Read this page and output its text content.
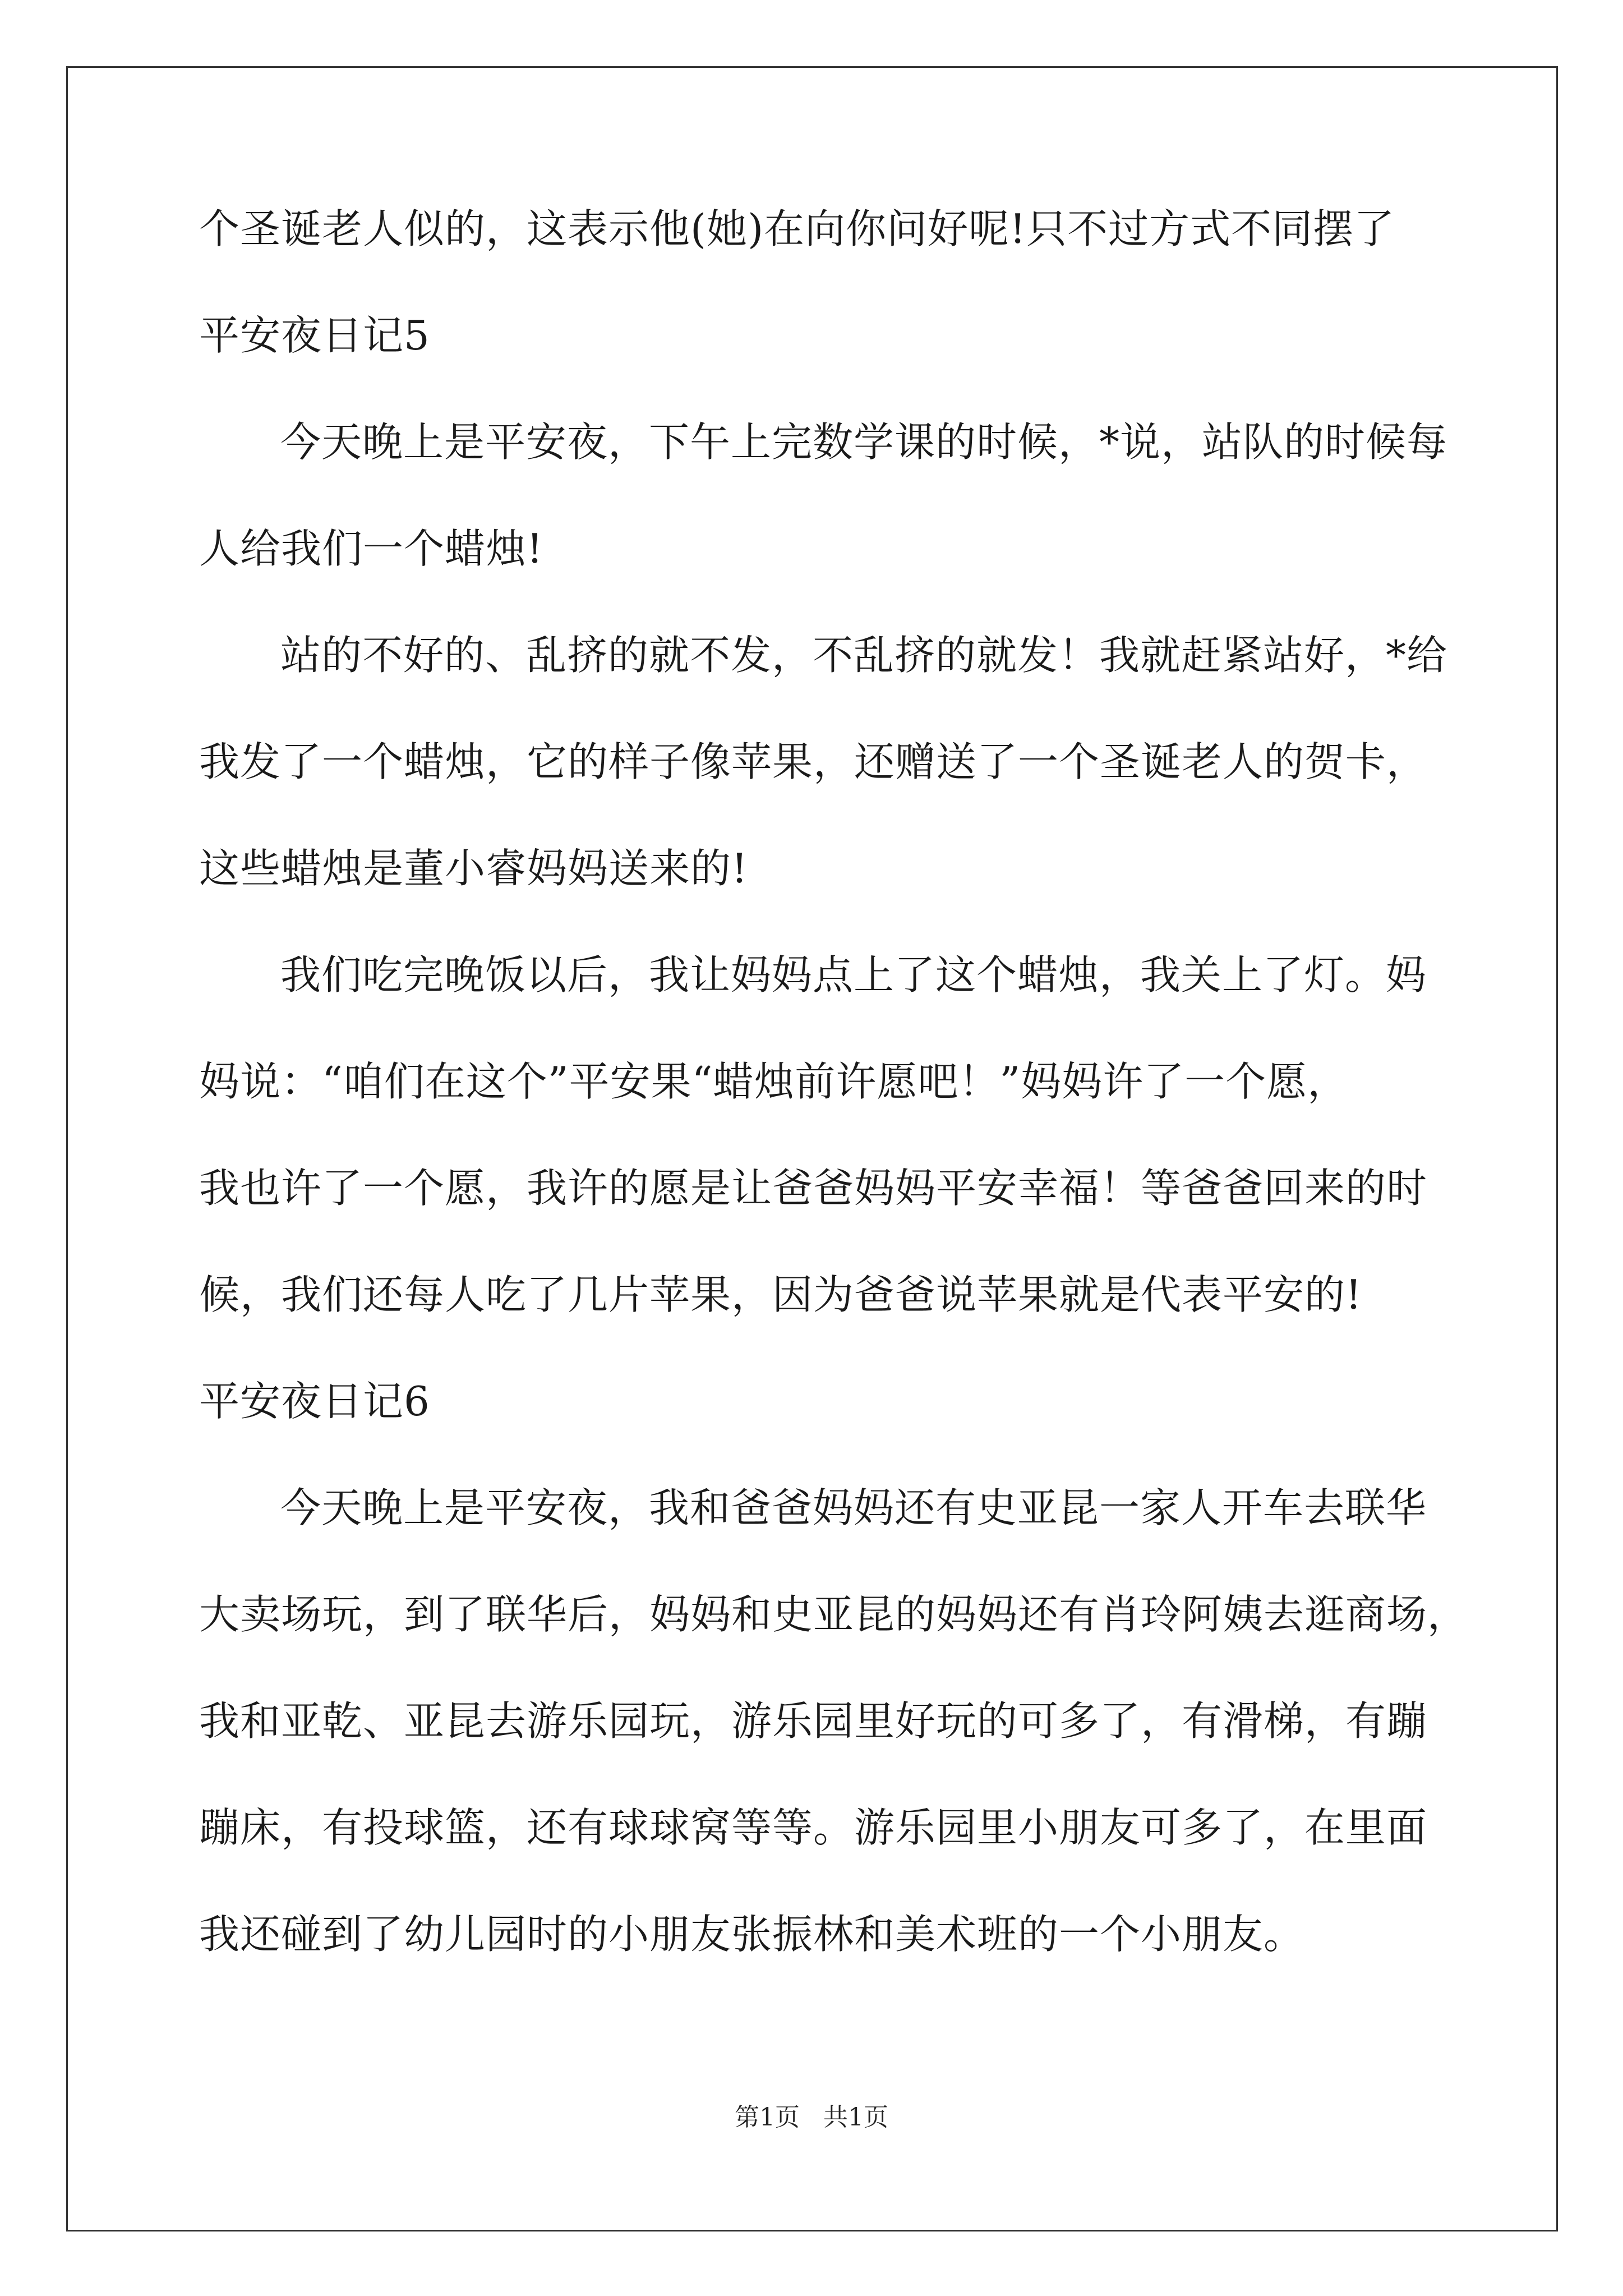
个圣诞老人似的，这表示他(她)在向你问好呢!只不过方式不同摆了

平安夜日记5

今天晚上是平安夜，下午上完数学课的时候，*说，站队的时候每

人给我们一个蜡烛!

站的不好的、乱挤的就不发，不乱挤的就发！我就赶紧站好，*给

我发了一个蜡烛，它的样子像苹果，还赠送了一个圣诞老人的贺卡，

这些蜡烛是董小睿妈妈送来的!

我们吃完晚饭以后，我让妈妈点上了这个蜡烛，我关上了灯。妈

妈说：“咱们在这个”平安果“蜡烛前许愿吧！”妈妈许了一个愿，

我也许了一个愿，我许的愿是让爸爸妈妈平安幸福！等爸爸回来的时

候，我们还每人吃了几片苹果，因为爸爸说苹果就是代表平安的!

平安夜日记6

今天晚上是平安夜，我和爸爸妈妈还有史亚昆一家人开车去联华

大卖场玩，到了联华后，妈妈和史亚昆的妈妈还有肖玲阿姨去逛商场，

我和亚乾、亚昆去游乐园玩，游乐园里好玩的可多了，有滑梯，有蹦

蹦床，有投球篮，还有球球窝等等。游乐园里小朋友可多了，在里面

我还碰到了幼儿园时的小朋友张振林和美术班的一个小朋友。

第1页   共1页
